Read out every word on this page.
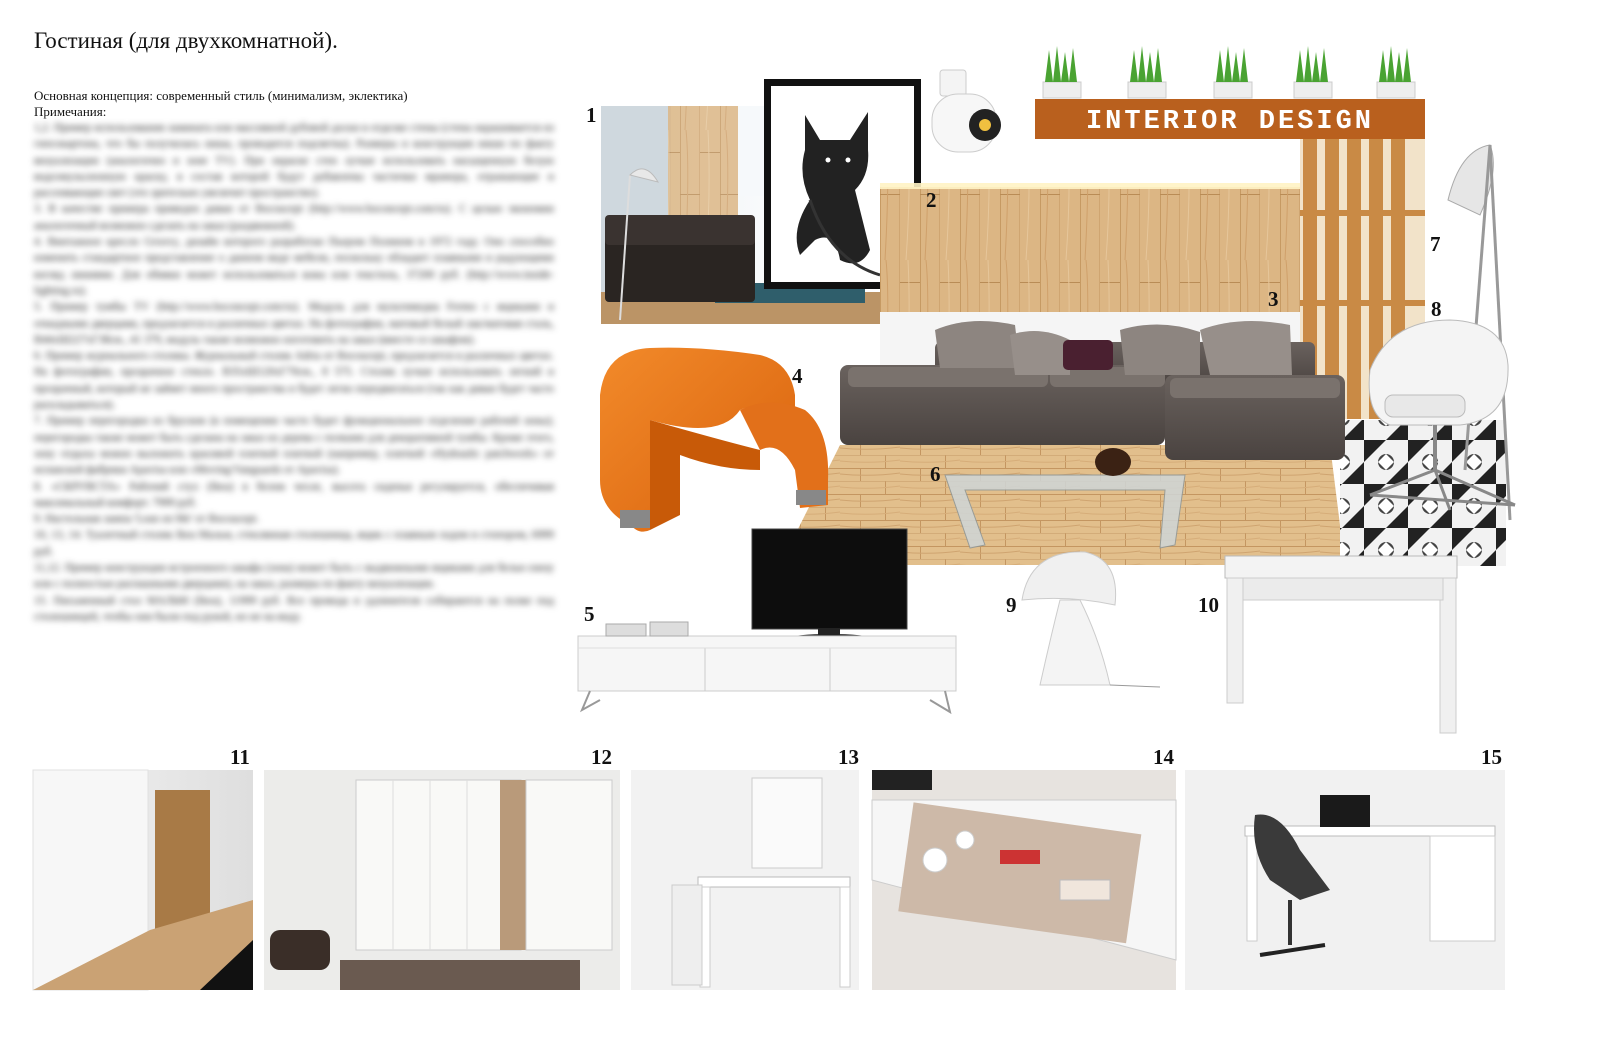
Гостиная (для двухкомнатной).
Основная концепция: современный стиль (минимализм, эклектика)
Примечания:

1,2. Пример использования ламината или массивной дубовой доски в отделке стены (стена окрашивается из гипсокартона, что бы получилась ниша, проводится подсветка). Размеры и конструкция ниши по факту визуализации (аналогично и зоне TV). При окраске стен лучше использовать насыщенную белую водоэмульсионную краску, в состав которой будут добавлены частички мрамора, отражающие и рассеивающие свет (это зрительно увеличит пространство).

3. В качестве примера приведен диван от Bocoucept (http://www.boconcept.com/ru). С целью экономии аналогичный возможно сделать на заказ (раздвижной).

4. Винтажное кресло Groovy, дизайн которого разработан Пьером Полином в 1972 году. Оно способно изменить стандартное представление о данном виде мебели, поскольку обладает плавными и радующими взгляд линиями. Для обивки может использоваться кожа или текстиль, 37200 руб. (http://www.inside-lighting.ru).

5. Пример тумбы TV (http://www.boconcept.com/ru). Модуль для мультимедиа Fermo с ящиками и откидными дверцами, предлагается в различных цветах. На фотографии, матовый белый лак/матовая сталь, В44хШ227хГ38см., 41 379, модуль также возможно изготовить на заказ (вместе со шкафом).

6. Пример журнального столика. Журнальный столик Adria от Bocoucept, предлагается в различных цветах. На фотографии, прозрачное стекло. В35хШ120хГ70см., 8 575. Столик лучше использовать легкий и прозрачный, который не займет много пространства и будет легко передвигаться (так как диван будет часто раскладываться).

7. Пример перегородки из брусков (в помещении часто будет функциональное отделение рабочей зоны); перегородка также может быть сделана на заказ из дерева с полками для декоративной тумбы. Кроме этого, зону отдыха можно выложить красивой плиткой плиткой (например, плиткой «Hydraulic patchwork» от испанской фабрики Apavisa или «Moving/Vanguards от Apavisa).

8. «СКРУВСТА» Рабочий стул (Ikea) в белом чехле, высота сиденья регулируется, обеспечивая максимальный комфорт. 7999 руб.

9. Настольная лампа 'Lean on Me' от Bocoucept.

10, 13, 14. Туалетный столик Ikea Мальм, стеклянная столешница, ящик с плавным ходом и стопором, 6999 руб.

11,12. Пример конструкции встроенного шкафа (зона) может быть с выдвижными ящиками для белья снизу или с полностью распашными дверцами), на заказ, размеры по факту визуализации.

15. Письменный стол МАЛЬМ (Ikea), 11999 руб. Все провода и удлинители собираются на полке под столешницей, чтобы они были под рукой, но не на виду.

INTERIOR DESIGN
1
2
3
4
5
6
7
8
9	10
11	12	13	14	15
